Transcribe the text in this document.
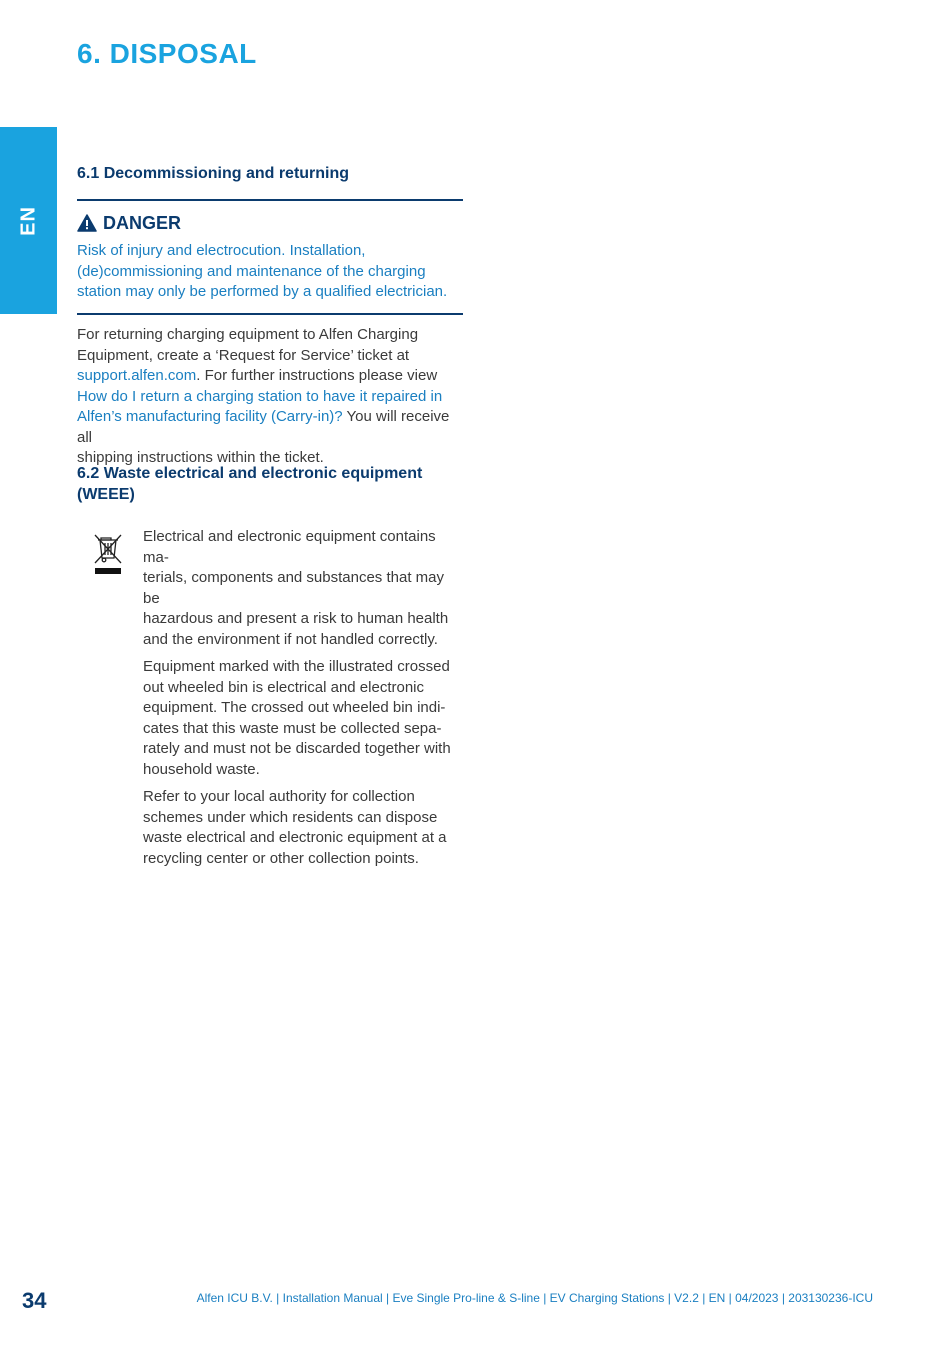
6. DISPOSAL
EN
6.1 Decommissioning and returning
DANGER
Risk of injury and electrocution. Installation,
(de)commissioning and maintenance of the charging
station may only be performed by a qualified electrician.
For returning charging equipment to Alfen Charging
Equipment, create a ‘Request for Service’ ticket at
support.alfen.com. For further instructions please view
How do I return a charging station to have it repaired in
Alfen’s manufacturing facility (Carry-in)? You will receive all
shipping instructions within the ticket.
6.2 Waste electrical and electronic equipment
(WEEE)

Electrical and electronic equipment contains ma-
terials, components and substances that may be
hazardous and present a risk to human health
and the environment if not handled correctly.

Equipment marked with the illustrated crossed
out wheeled bin is electrical and electronic
equipment. The crossed out wheeled bin indi-
cates that this waste must be collected sepa-
rately and must not be discarded together with
household waste.

Refer to your local authority for collection
schemes under which residents can dispose
waste electrical and electronic equipment at a
recycling center or other collection points.

34	Alfen ICU B.V. | Installation Manual | Eve Single Pro-line & S-line | EV Charging Stations | V2.2 | EN | 04/2023 | 203130236-ICU
